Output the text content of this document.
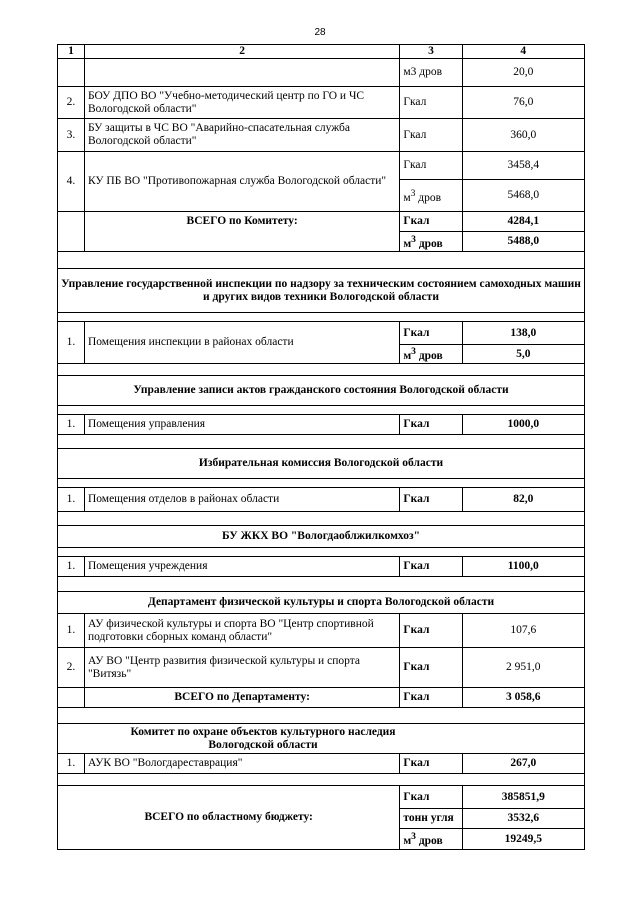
28
1	2	3	4
		м3 дров	20,0
2.	БОУ ДПО ВО "Учебно-методический центр по ГО и ЧС Вологодской области"	Гкал	76,0
3.	БУ защиты в ЧС ВО "Аварийно-спасательная служба Вологодской области"	Гкал	360,0
4.	КУ ПБ ВО "Противопожарная служба Вологодской области"	Гкал	3458,4
		$м^3$ дров	5468,0
	ВСЕГО по Комитету:	Гкал	4284,1
		$м^3$ дров	5488,0

Управление государственной инспекции по надзору за техническим состоянием самоходных машин и других видов техники Вологодской области			

1.	Помещения инспекции в районах области	Гкал	138,0
		$м^3$ дров	5,0

Управление записи актов гражданского состояния Вологодской области			

1.	Помещения управления	Гкал	1000,0

Избирательная комиссия Вологодской области			

1.	Помещения отделов в районах области	Гкал	82,0

БУ ЖКХ ВО "Вологдаоблжилкомхоз"			

1.	Помещения учреждения	Гкал	1100,0

Департамент физической культуры и спорта Вологодской области			
1.	АУ физической культуры и спорта ВО "Центр спортивной подготовки сборных команд области"	Гкал	107,6
2.	АУ ВО "Центр развития физической культуры и спорта "Витязь"	Гкал	2 951,0
	ВСЕГО по Департаменту:	Гкал	3 058,6

Комитет по охране объектов культурного наследия
Вологодской области			

1.	АУК ВО "Вологдареставрация"	Гкал	267,0

ВСЕГО по областному бюджету:		Гкал	385851,9
		тонн угля	3532,6
		$м^3$ дров	19249,5
